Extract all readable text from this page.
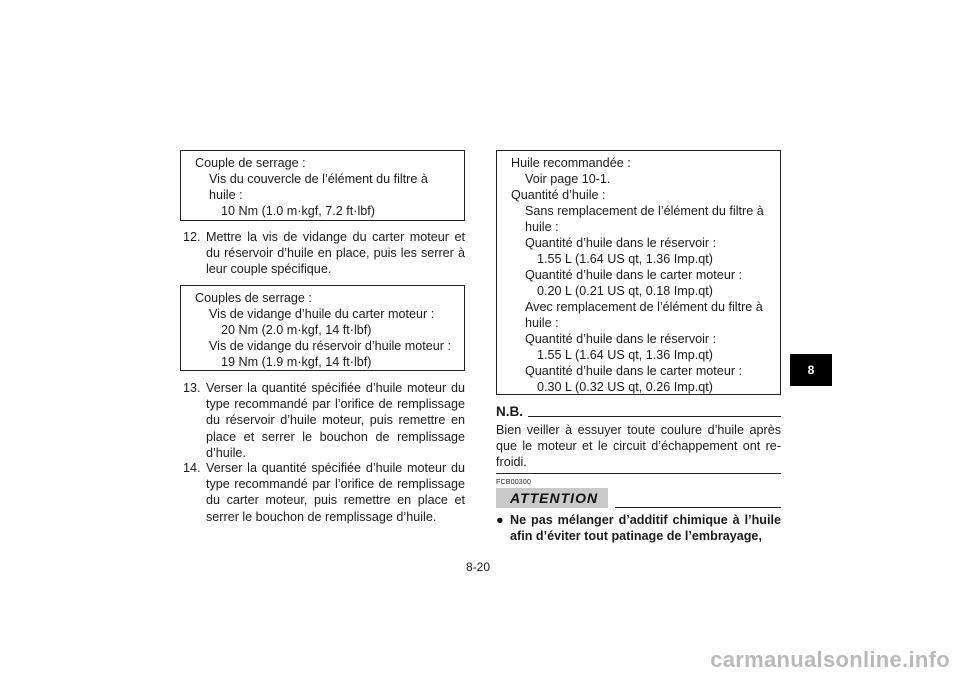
Couple de serrage :
Vis du couvercle de l’élément du filtre à
huile :
10 Nm (1.0 m·kgf, 7.2 ft·lbf)
12. Mettre la vis de vidange du carter moteur et du réservoir d’huile en place, puis les serrer à leur couple spécifique.
Couples de serrage :
Vis de vidange d’huile du carter moteur :
20 Nm (2.0 m·kgf, 14 ft·lbf)
Vis de vidange du réservoir d’huile moteur :
19 Nm (1.9 m·kgf, 14 ft·lbf)
13. Verser la quantité spécifiée d’huile moteur du type recommandé par l’orifice de remplissage du réservoir d’huile moteur, puis remettre en place et serrer le bouchon de remplissage d’huile.
14. Verser la quantité spécifiée d’huile moteur du type recommandé par l’orifice de remplissage du carter moteur, puis remettre en place et serrer le bouchon de remplissage d’huile.
Huile recommandée :
Voir page 10-1.
Quantité d’huile :
Sans remplacement de l’élément du filtre à
huile :
Quantité d’huile dans le réservoir :
1.55 L (1.64 US qt, 1.36 Imp.qt)
Quantité d’huile dans le carter moteur :
0.20 L (0.21 US qt, 0.18 Imp.qt)
Avec remplacement de l’élément du filtre à
huile :
Quantité d’huile dans le réservoir :
1.55 L (1.64 US qt, 1.36 Imp.qt)
Quantité d’huile dans le carter moteur :
0.30 L (0.32 US qt, 0.26 Imp.qt)
N.B.
Bien veiller à essuyer toute coulure d’huile après que le moteur et le circuit d’échappement ont re-froidi.
FCB00300
ATTENTION
● Ne pas mélanger d’additif chimique à l’huile afin d’éviter tout patinage de l’embrayage,
8
8-20
carmanualsonline.info
